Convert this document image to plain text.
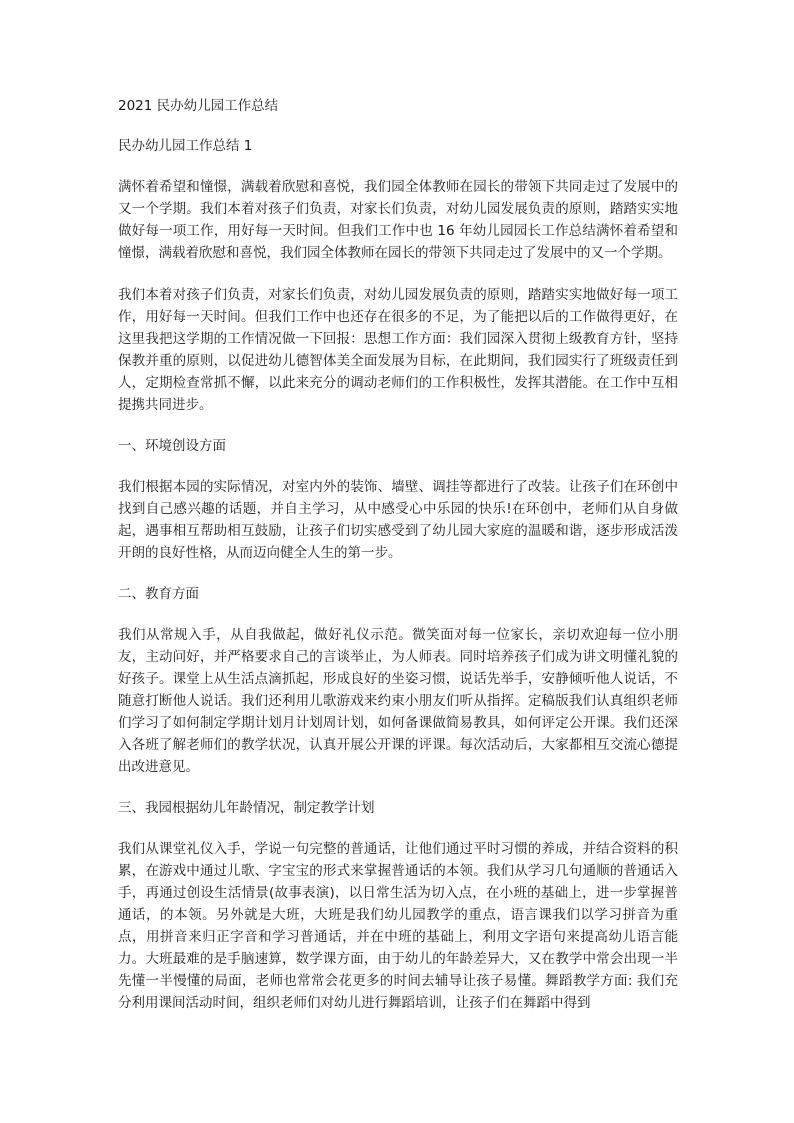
2021 民办幼儿园工作总结
民办幼儿园工作总结 1

满怀着希望和憧憬，满载着欣慰和喜悦，我们园全体教师在园长的带领下共同走过了发展中的又一个学期。我们本着对孩子们负责，对家长们负责，对幼儿园发展负责的原则，踏踏实实地做好每一项工作，用好每一天时间。但我们工作中也 16 年幼儿园园长工作总结满怀着希望和憧憬，满载着欣慰和喜悦，我们园全体教师在园长的带领下共同走过了发展中的又一个学期。

我们本着对孩子们负责，对家长们负责，对幼儿园发展负责的原则，踏踏实实地做好每一项工作，用好每一天时间。但我们工作中也还存在很多的不足，为了能把以后的工作做得更好，在这里我把这学期的工作情况做一下回报：思想工作方面：我们园深入贯彻上级教育方针，坚持保教并重的原则，以促进幼儿德智体美全面发展为目标，在此期间，我们园实行了班级责任到人，定期检查常抓不懈，以此来充分的调动老师们的工作积极性，发挥其潜能。在工作中互相提携共同进步。

一、环境创设方面

我们根据本园的实际情况，对室内外的装饰、墙壁、调挂等都进行了改装。让孩子们在环创中找到自己感兴趣的话题，并自主学习，从中感受心中乐园的快乐!在环创中，老师们从自身做起，遇事相互帮助相互鼓励，让孩子们切实感受到了幼儿园大家庭的温暖和谐，逐步形成活泼开朗的良好性格，从而迈向健全人生的第一步。

二、教育方面

我们从常规入手，从自我做起，做好礼仪示范。微笑面对每一位家长，亲切欢迎每一位小朋友，主动问好，并严格要求自己的言谈举止，为人师表。同时培养孩子们成为讲文明懂礼貌的好孩子。课堂上从生活点滴抓起，形成良好的坐姿习惯，说话先举手，安静倾听他人说话，不随意打断他人说话。我们还利用儿歌游戏来约束小朋友们听从指挥。定稿版我们认真组织老师们学习了如何制定学期计划月计划周计划，如何备课做简易教具，如何评定公开课。我们还深入各班了解老师们的教学状况，认真开展公开课的评课。每次活动后，大家都相互交流心德提出改进意见。

三、我园根据幼儿年龄情况，制定教学计划

我们从课堂礼仪入手，学说一句完整的普通话，让他们通过平时习惯的养成，并结合资料的积累，在游戏中通过儿歌、字宝宝的形式来掌握普通话的本领。我们从学习几句通顺的普通话入手，再通过创设生活情景(故事表演)，以日常生活为切入点，在小班的基础上，进一步掌握普通话，的本领。另外就是大班，大班是我们幼儿园教学的重点，语言课我们以学习拼音为重点，用拼音来归正字音和学习普通话，并在中班的基础上，利用文字语句来提高幼儿语言能力。大班最难的是手脑速算，数学课方面，由于幼儿的年龄差异大，又在教学中常会出现一半先懂一半慢懂的局面，老师也常常会花更多的时间去辅导让孩子易懂。舞蹈教学方面: 我们充分利用课间活动时间，组织老师们对幼儿进行舞蹈培训，让孩子们在舞蹈中得到
